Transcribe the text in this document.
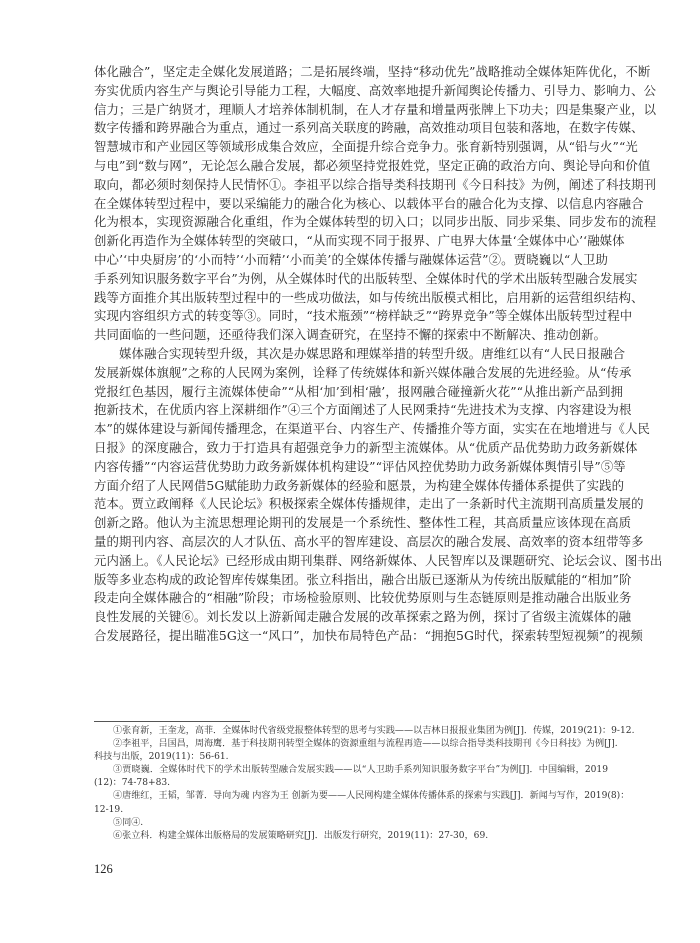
体化融合”，坚定走全媒化发展道路；二是拓展终端，坚持“移动优先”战略推动全媒体矩阵优化，不断
夯实优质内容生产与舆论引导能力工程，大幅度、高效率地提升新闻舆论传播力、引导力、影响力、公
信力；三是广纳贤才，理顺人才培养体制机制，在人才存量和增量两张牌上下功夫；四是集聚产业，以
数字传播和跨界融合为重点，通过一系列高关联度的跨融，高效推动项目包装和落地，在数字传媒、
智慧城市和产业园区等领域形成集合效应，全面提升综合竞争力。张育新特别强调，从“铅与火”“光
与电”到“数与网”，无论怎么融合发展，都必须坚持党报姓党，坚定正确的政治方向、舆论导向和价值
取向，都必须时刻保持人民情怀①。李祖平以综合指导类科技期刊《今日科技》为例，阐述了科技期刊
在全媒体转型过程中，要以采编能力的融合化为核心、以载体平台的融合化为支撑、以信息内容融合
化为根本，实现资源融合化重组，作为全媒体转型的切入口；以同步出版、同步采集、同步发布的流程
创新化再造作为全媒体转型的突破口，“从而实现不同于报界、广电界大体量‘全媒体中心’‘融媒体
中心’‘中央厨房’的‘小而特’‘小而精’‘小而美’的全媒体传播与融媒体运营”②。贾晓巍以“人卫助
手系列知识服务数字平台”为例，从全媒体时代的出版转型、全媒体时代的学术出版转型融合发展实
践等方面推介其出版转型过程中的一些成功做法，如与传统出版模式相比，启用新的运营组织结构、
实现内容组织方式的转变等③。同时，“技术瓶颈”“榜样缺乏”“跨界竞争”等全媒体出版转型过程中
共同面临的一些问题，还亟待我们深入调查研究，在坚持不懈的探索中不断解决、推动创新。
媒体融合实现转型升级，其次是办媒思路和理媒举措的转型升级。唐维红以有“人民日报融合
发展新媒体旗舰”之称的人民网为案例，诠释了传统媒体和新兴媒体融合发展的先进经验。从“传承
党报红色基因，履行主流媒体使命”“从相‘加’到相‘融’，报网融合碰撞新火花”“从推出新产品到拥
抱新技术，在优质内容上深耕细作”④三个方面阐述了人民网秉持“先进技术为支撑、内容建设为根
本”的媒体建设与新闻传播理念，在渠道平台、内容生产、传播推介等方面，实实在在地增进与《人民
日报》的深度融合，致力于打造具有超强竞争力的新型主流媒体。从“优质产品优势助力政务新媒体
内容传播”“内容运营优势助力政务新媒体机构建设”“评估风控优势助力政务新媒体舆情引导”⑤等
方面介绍了人民网借5G赋能助力政务新媒体的经验和愿景，为构建全媒体传播体系提供了实践的
范本。贾立政阐释《人民论坛》积极探索全媒体传播规律，走出了一条新时代主流期刊高质量发展的
创新之路。他认为主流思想理论期刊的发展是一个系统性、整体性工程，其高质量应该体现在高质
量的期刊内容、高层次的人才队伍、高水平的智库建设、高层次的融合发展、高效率的资本纽带等多
元内涵上。《人民论坛》已经形成由期刊集群、网络新媒体、人民智库以及课题研究、论坛会议、图书出
版等多业态构成的政论智库传媒集团。张立科指出，融合出版已逐渐从为传统出版赋能的“相加”阶
段走向全媒体融合的“相融”阶段；市场检验原则、比较优势原则与生态链原则是推动融合出版业务
良性发展的关键⑥。刘长发以上游新闻走融合发展的改革探索之路为例，探讨了省级主流媒体的融
合发展路径，提出瞄准5G这一“风口”，加快布局特色产品：“拥抱5G时代，探索转型短视频”的视频
①张育新，王奎龙，高菲．全媒体时代省级党报整体转型的思考与实践——以吉林日报报业集团为例[J]．传媒，2019(21)：9-12.
②李祖平，吕国昌，周海鹰．基于科技期刊转型全媒体的资源重组与流程再造——以综合指导类科技期刊《今日科技》为例[J].
科技与出版，2019(11)：56-61.
③贾晓巍．全媒体时代下的学术出版转型融合发展实践——以“人卫助手系列知识服务数字平台”为例[J]．中国编辑，2019
(12)：74-78+83.
④唐维红，王韬，邹菁．导向为魂 内容为王 创新为要——人民网构建全媒体传播体系的探索与实践[J]．新闻与写作，2019(8)：
12-19.
⑤同④.
⑥张立科．构建全媒体出版格局的发展策略研究[J]．出版发行研究，2019(11)：27-30，69.
126
